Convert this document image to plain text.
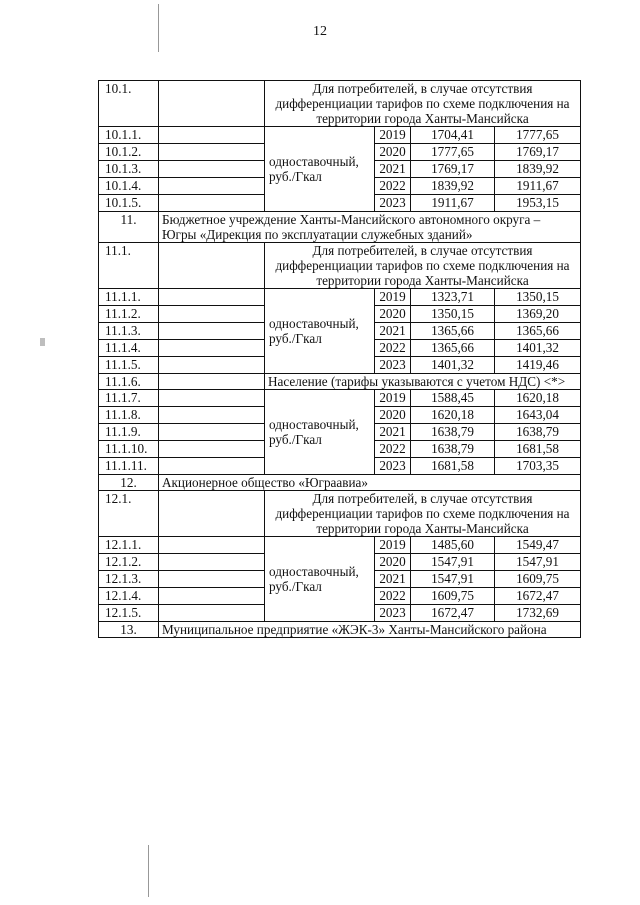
12
10.1.		Для потребителей, в случае отсутствия дифференциации тарифов по схеме подключения на территории города Ханты-Мансийска			
10.1.1.		одноставочный, руб./Гкал	2019	1704,41	1777,65
10.1.2.			2020	1777,65	1769,17
10.1.3.			2021	1769,17	1839,92
10.1.4.			2022	1839,92	1911,67
10.1.5.			2023	1911,67	1953,15
11.	Бюджетное учреждение Ханты-Мансийского автономного округа – Югры «Дирекция по эксплуатации служебных зданий»				
11.1.		Для потребителей, в случае отсутствия дифференциации тарифов по схеме подключения на территории города Ханты-Мансийска			
11.1.1.		одноставочный, руб./Гкал	2019	1323,71	1350,15
11.1.2.			2020	1350,15	1369,20
11.1.3.			2021	1365,66	1365,66
11.1.4.			2022	1365,66	1401,32
11.1.5.			2023	1401,32	1419,46
11.1.6.		Население (тарифы указываются с учетом НДС) <*>			
11.1.7.		одноставочный, руб./Гкал	2019	1588,45	1620,18
11.1.8.			2020	1620,18	1643,04
11.1.9.			2021	1638,79	1638,79
11.1.10.			2022	1638,79	1681,58
11.1.11.			2023	1681,58	1703,35
12.	Акционерное общество «Юграавиа»				
12.1.		Для потребителей, в случае отсутствия дифференциации тарифов по схеме подключения на территории города Ханты-Мансийска			
12.1.1.		одноставочный, руб./Гкал	2019	1485,60	1549,47
12.1.2.			2020	1547,91	1547,91
12.1.3.			2021	1547,91	1609,75
12.1.4.			2022	1609,75	1672,47
12.1.5.			2023	1672,47	1732,69
13.	Муниципальное предприятие «ЖЭК-3» Ханты-Мансийского района				
